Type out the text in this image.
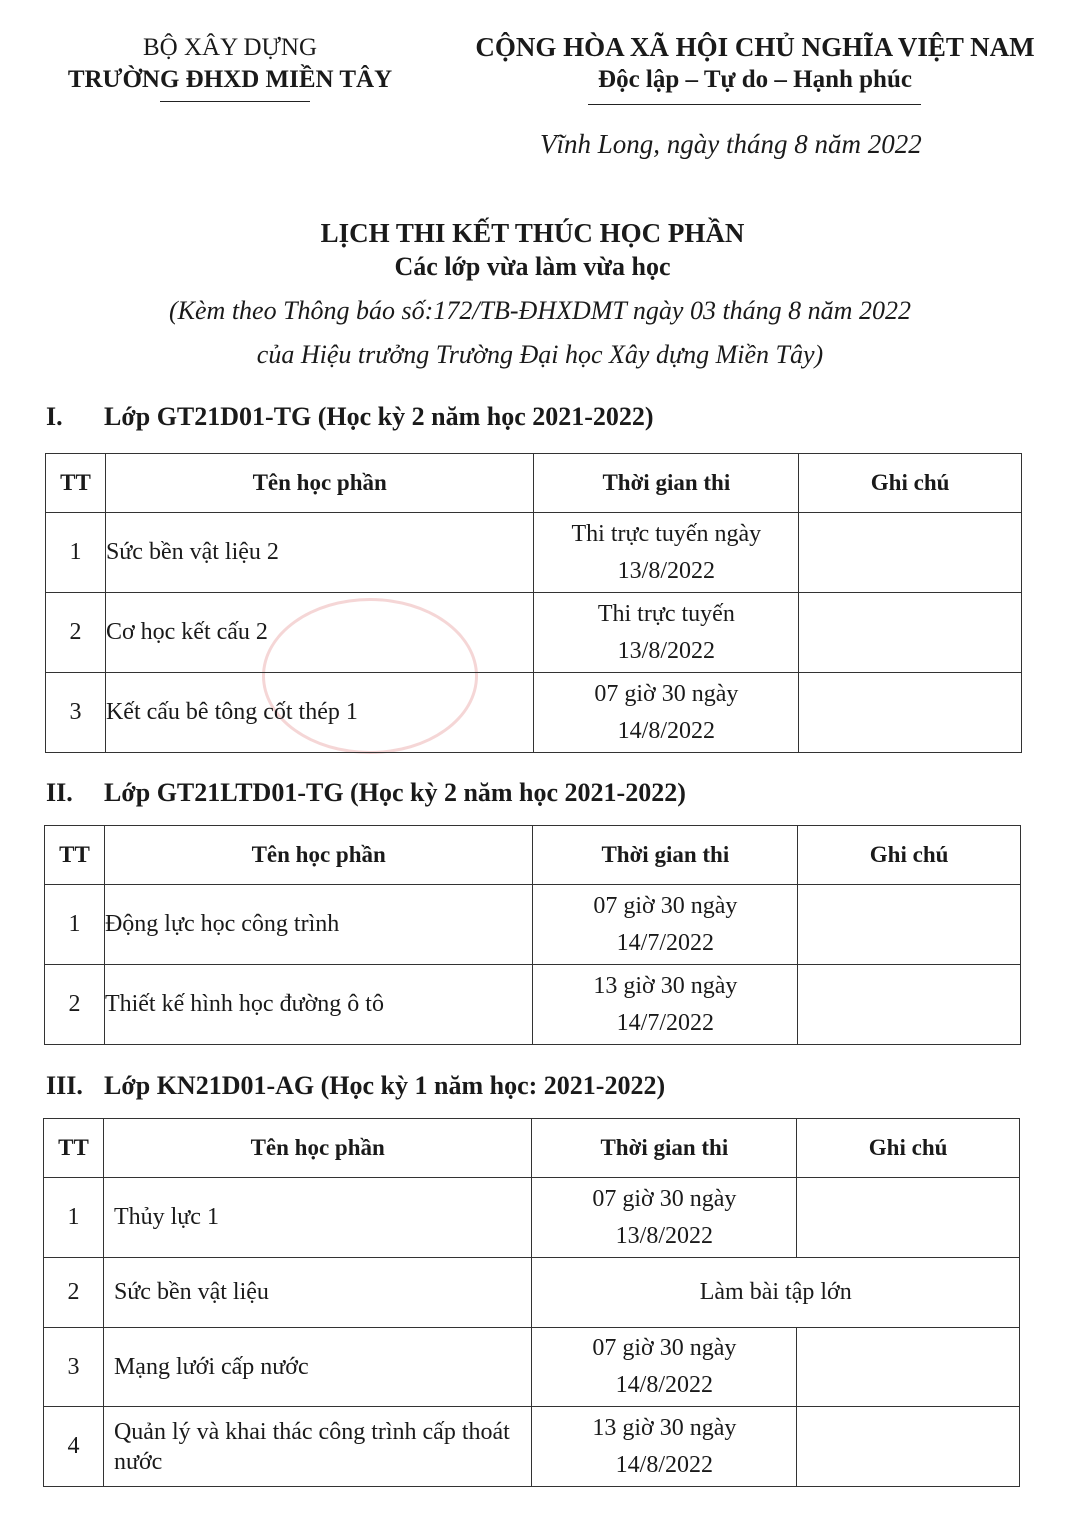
BỘ XÂY DỰNG
TRƯỜNG ĐHXD MIỀN TÂY
CỘNG HÒA XÃ HỘI CHỦ NGHĨA VIỆT NAM
Độc lập – Tự do – Hạnh phúc
Vĩnh Long, ngày tháng 8 năm 2022
LỊCH THI KẾT THÚC HỌC PHẦN
Các lớp vừa làm vừa học
(Kèm theo Thông báo số:172/TB-ĐHXDMT ngày 03 tháng 8 năm 2022
của Hiệu trưởng Trường Đại học Xây dựng Miền Tây)
I. Lớp GT21D01-TG (Học kỳ 2 năm học 2021-2022)
TT	Tên học phần	Thời gian thi	Ghi chú
1	Sức bền vật liệu 2	Thi trực tuyến ngày
13/8/2022	

2	Cơ học kết cấu 2	Thi trực tuyến
13/8/2022	

3	Kết cấu bê tông cốt thép 1	07 giờ 30 ngày
14/8/2022	

II. Lớp GT21LTD01-TG (Học kỳ 2 năm học 2021-2022)
TT	Tên học phần	Thời gian thi	Ghi chú
1	Động lực học công trình	07 giờ 30 ngày
14/7/2022	

2	Thiết kế hình học đường ô tô	13 giờ 30 ngày
14/7/2022	

III. Lớp KN21D01-AG (Học kỳ 1 năm học: 2021-2022)
TT	Tên học phần	Thời gian thi	Ghi chú
1	Thủy lực 1	07 giờ 30 ngày
13/8/2022	

2	Sức bền vật liệu	Làm bài tập lớn	
3	Mạng lưới cấp nước	07 giờ 30 ngày
14/8/2022	

4	Quản lý và khai thác công trình cấp thoát nước	13 giờ 30 ngày
14/8/2022	
